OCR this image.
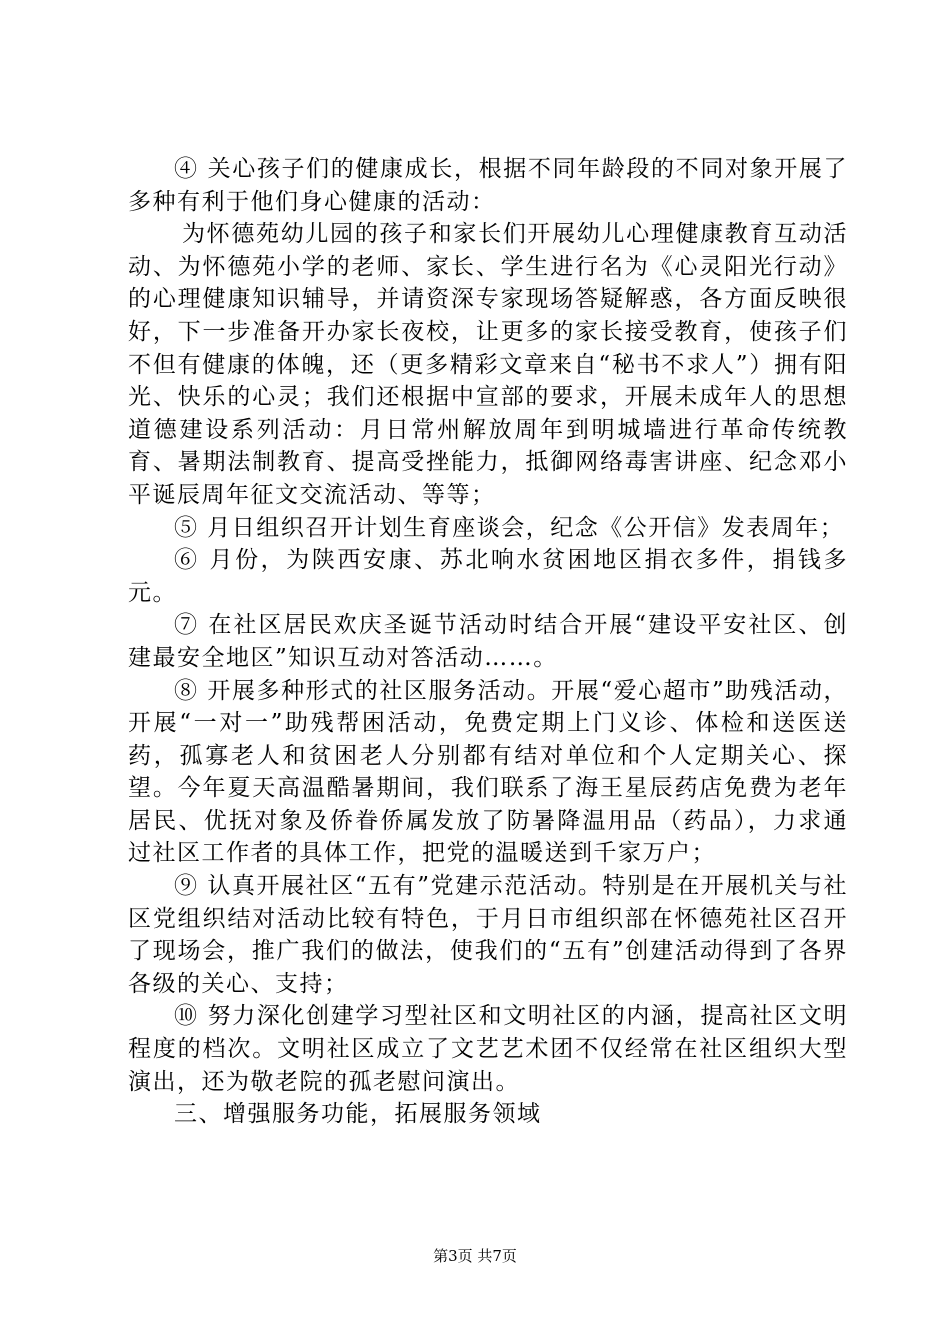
④ 关心孩子们的健康成长，根据不同年龄段的不同对象开展了多种有利于他们身心健康的活动：

为怀德苑幼儿园的孩子和家长们开展幼儿心理健康教育互动活动、为怀德苑小学的老师、家长、学生进行名为《心灵阳光行动》的心理健康知识辅导，并请资深专家现场答疑解惑，各方面反映很好，下一步准备开办家长夜校，让更多的家长接受教育，使孩子们不但有健康的体魄，还（更多精彩文章来自“秘书不求人”）拥有阳光、快乐的心灵；我们还根据中宣部的要求，开展未成年人的思想道德建设系列活动：月日常州解放周年到明城墙进行革命传统教育、暑期法制教育、提高受挫能力，抵御网络毒害讲座、纪念邓小平诞辰周年征文交流活动、等等；

⑤ 月日组织召开计划生育座谈会，纪念《公开信》发表周年；

⑥ 月份，为陕西安康、苏北响水贫困地区捐衣多件，捐钱多元。

⑦ 在社区居民欢庆圣诞节活动时结合开展“建设平安社区、创建最安全地区”知识互动对答活动……。

⑧ 开展多种形式的社区服务活动。开展“爱心超市”助残活动，开展“一对一”助残帮困活动，免费定期上门义诊、体检和送医送药，孤寡老人和贫困老人分别都有结对单位和个人定期关心、探望。今年夏天高温酷暑期间，我们联系了海王星辰药店免费为老年居民、优抚对象及侨眷侨属发放了防暑降温用品（药品），力求通过社区工作者的具体工作，把党的温暖送到千家万户；

⑨ 认真开展社区“五有”党建示范活动。特别是在开展机关与社区党组织结对活动比较有特色，于月日市组织部在怀德苑社区召开了现场会，推广我们的做法，使我们的“五有”创建活动得到了各界各级的关心、支持；

⑩ 努力深化创建学习型社区和文明社区的内涵，提高社区文明程度的档次。文明社区成立了文艺艺术团不仅经常在社区组织大型演出，还为敬老院的孤老慰问演出。

三、增强服务功能，拓展服务领域

第3页 共7页
